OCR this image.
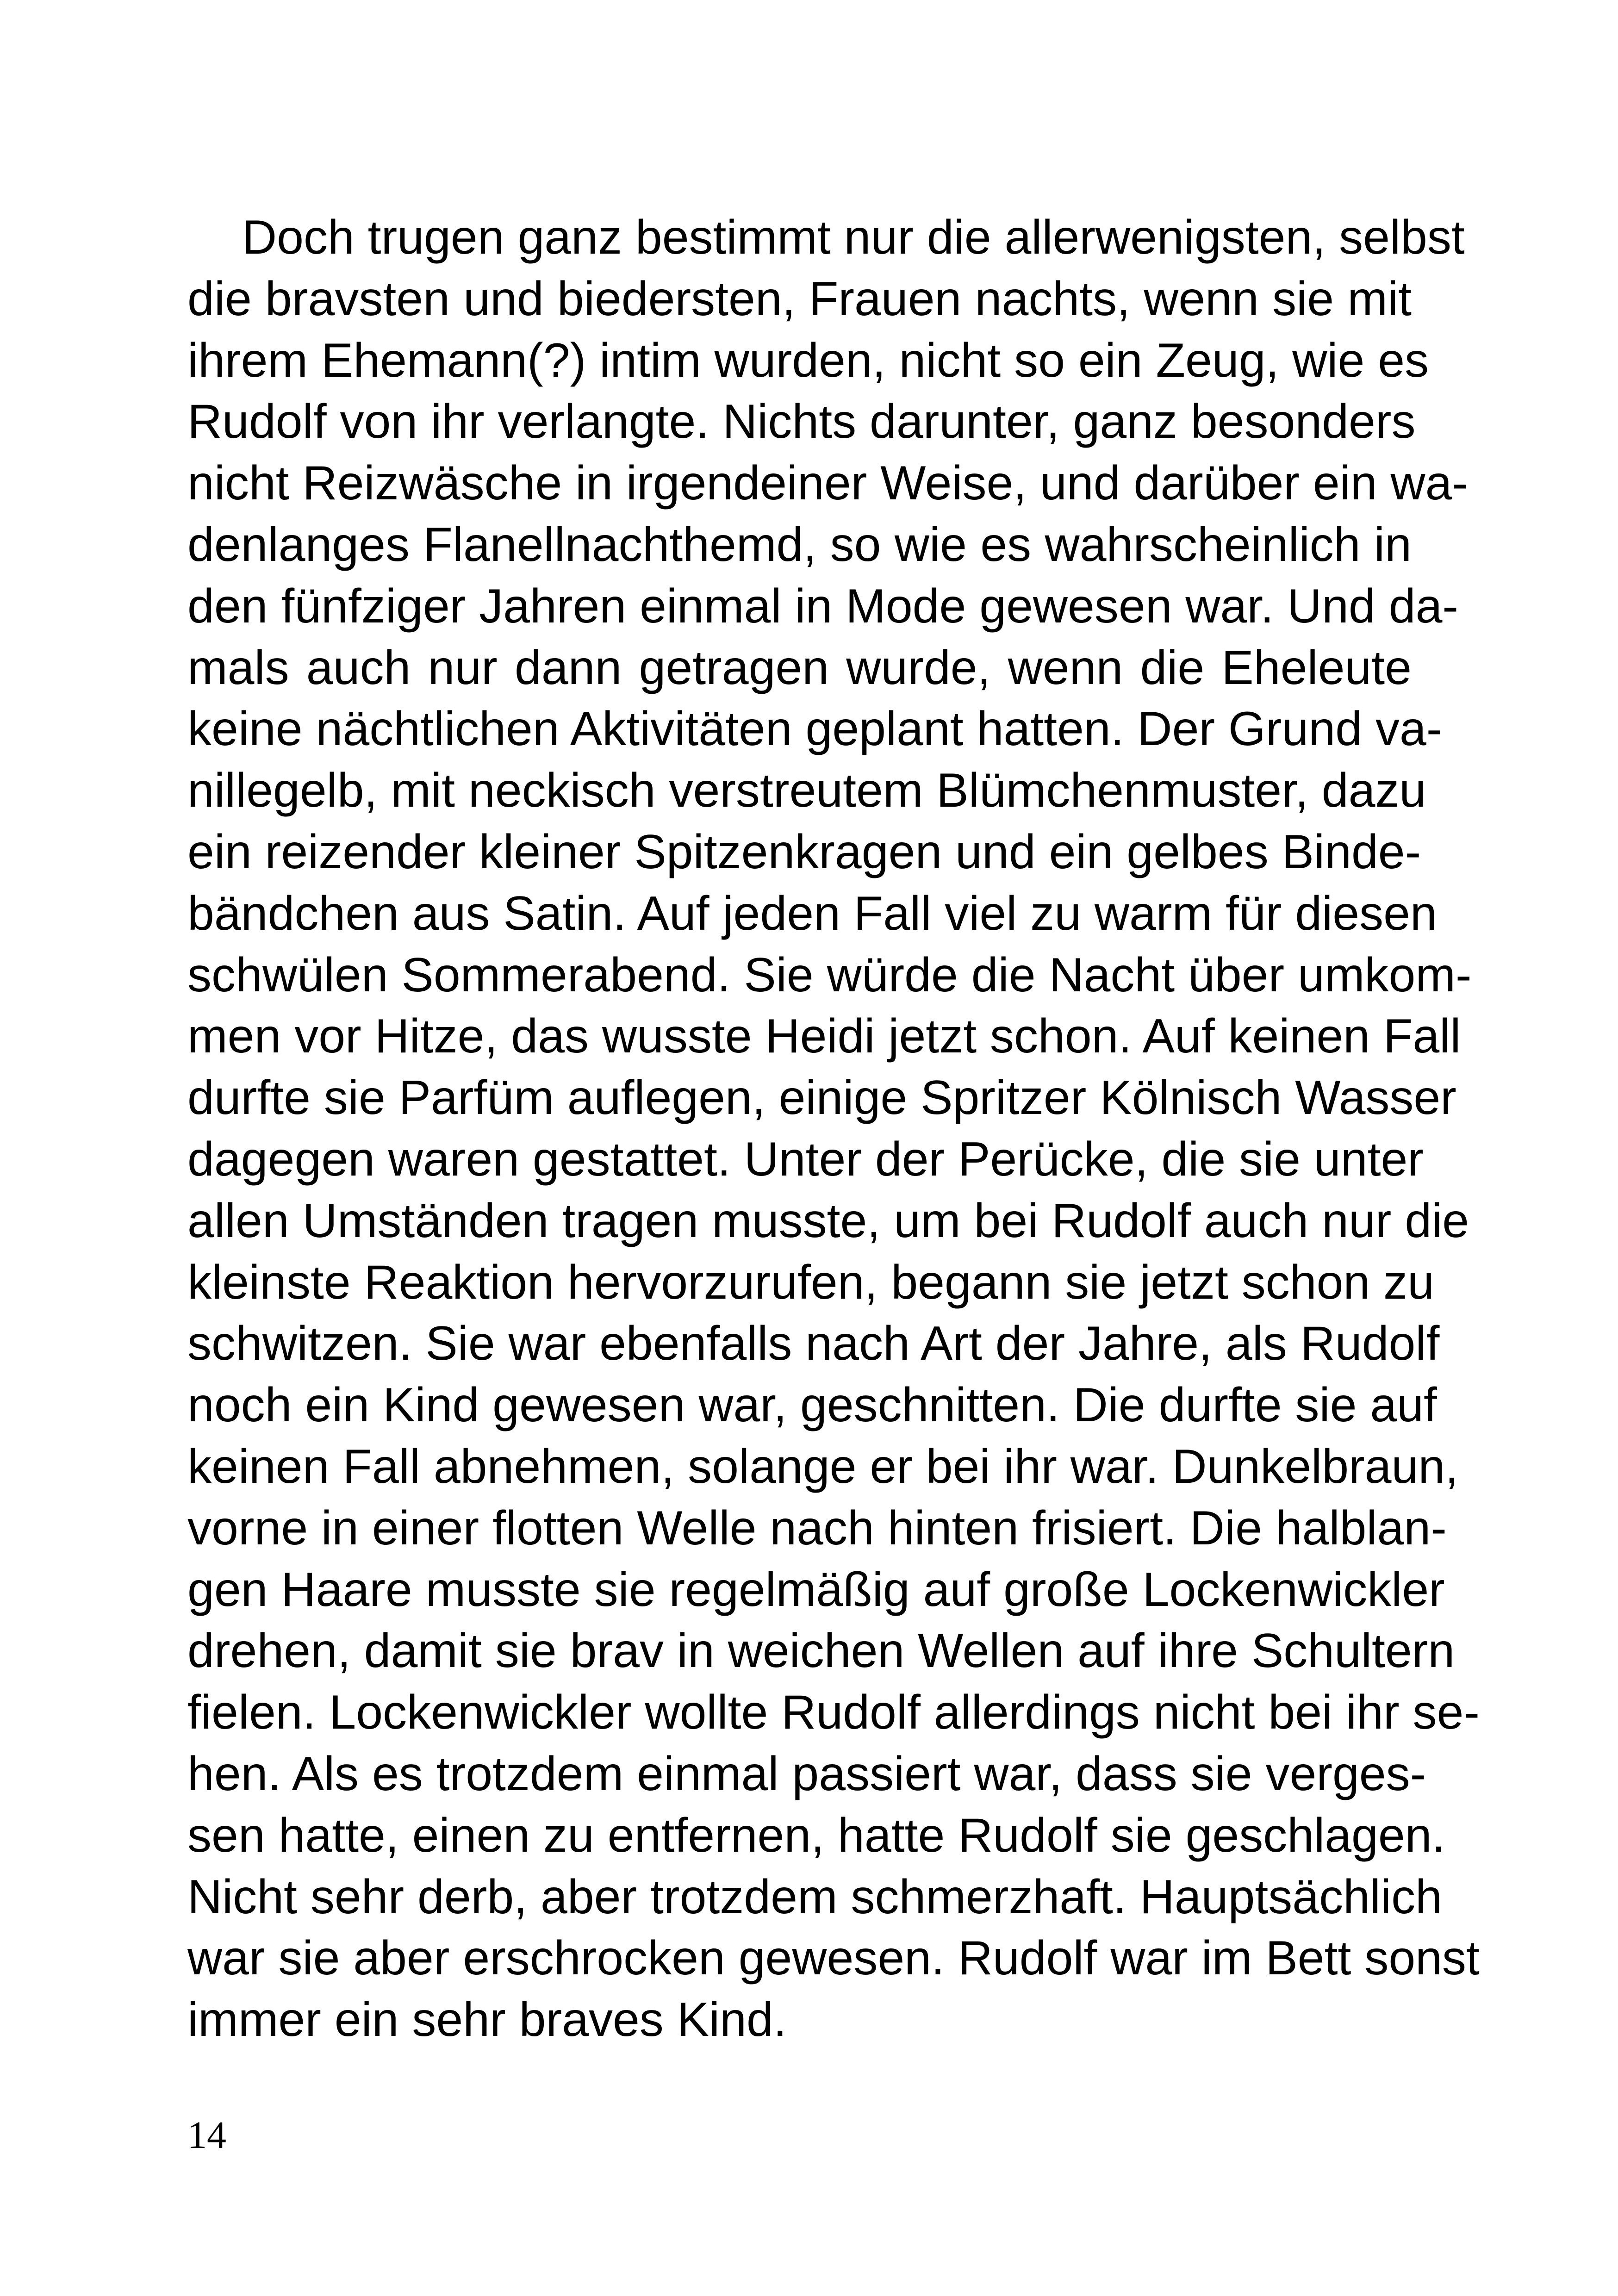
Doch trugen ganz bestimmt nur die allerwenigsten, selbst
die bravsten und biedersten, Frauen nachts, wenn sie mit
ihrem Ehemann(?) intim wurden, nicht so ein Zeug, wie es
Rudolf von ihr verlangte. Nichts darunter, ganz besonders
nicht Reizwäsche in irgendeiner Weise, und darüber ein wa-
denlanges Flanellnachthemd, so wie es wahrscheinlich in
den fünfziger Jahren einmal in Mode gewesen war. Und da-
mals auch nur dann getragen wurde, wenn die Eheleute
keine nächtlichen Aktivitäten geplant hatten. Der Grund va-
nillegelb, mit neckisch verstreutem Blümchenmuster, dazu
ein reizender kleiner Spitzenkragen und ein gelbes Binde-
bändchen aus Satin. Auf jeden Fall viel zu warm für diesen
schwülen Sommerabend. Sie würde die Nacht über umkom-
men vor Hitze, das wusste Heidi jetzt schon. Auf keinen Fall
durfte sie Parfüm auflegen, einige Spritzer Kölnisch Wasser
dagegen waren gestattet. Unter der Perücke, die sie unter
allen Umständen tragen musste, um bei Rudolf auch nur die
kleinste Reaktion hervorzurufen, begann sie jetzt schon zu
schwitzen. Sie war ebenfalls nach Art der Jahre, als Rudolf
noch ein Kind gewesen war, geschnitten. Die durfte sie auf
keinen Fall abnehmen, solange er bei ihr war. Dunkelbraun,
vorne in einer flotten Welle nach hinten frisiert. Die halblan-
gen Haare musste sie regelmäßig auf große Lockenwickler
drehen, damit sie brav in weichen Wellen auf ihre Schultern
fielen. Lockenwickler wollte Rudolf allerdings nicht bei ihr se-
hen. Als es trotzdem einmal passiert war, dass sie verges-
sen hatte, einen zu entfernen, hatte Rudolf sie geschlagen.
Nicht sehr derb, aber trotzdem schmerzhaft. Hauptsächlich
war sie aber erschrocken gewesen. Rudolf war im Bett sonst
immer ein sehr braves Kind.
14
